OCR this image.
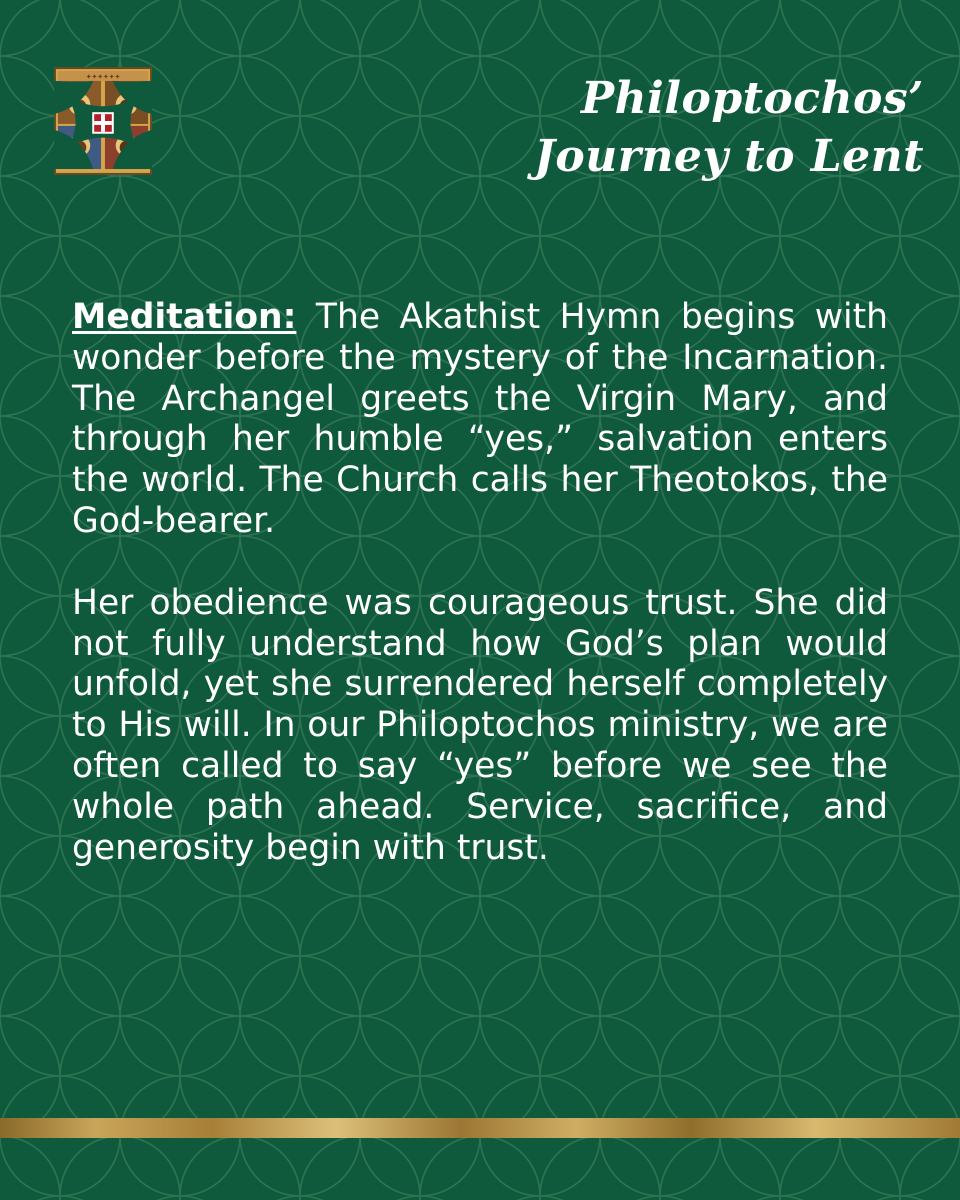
✦✦✦✦✦✦	Philoptochos’
Journey to Lent

Meditation: The Akathist Hymn begins with wonder before the mystery of the Incarnation. The Archangel greets the Virgin Mary, and through her humble “yes,” salvation enters the world. The Church calls her Theotokos, the God-bearer.

Her obedience was courageous trust. She did not fully understand how God’s plan would unfold, yet she surrendered herself completely to His will. In our Philoptochos ministry, we are often called to say “yes” before we see the whole path ahead. Service, sacrifice, and generosity begin with trust.
